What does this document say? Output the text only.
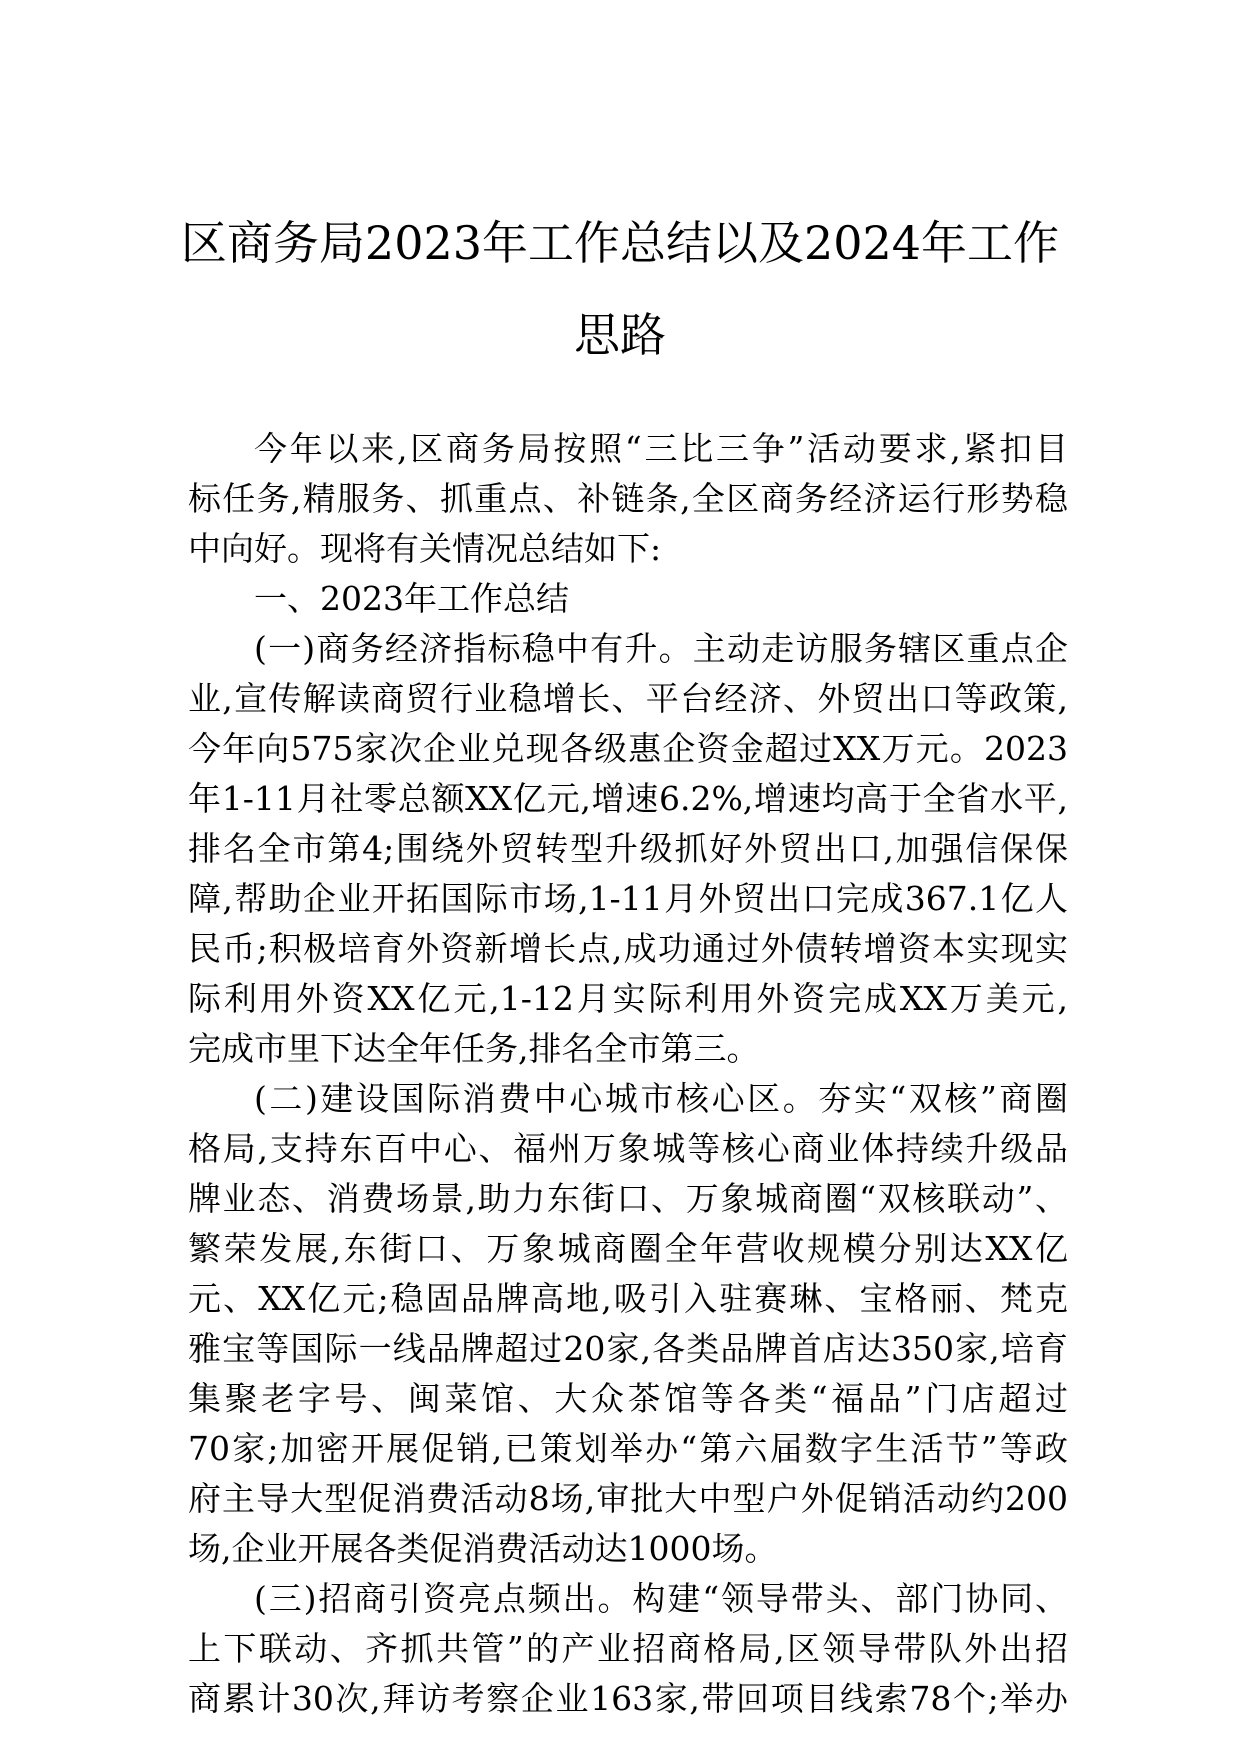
区商务局2023年工作总结以及2024年工作
思路
今年以来,区商务局按照“三比三争”活动要求,紧扣目
标任务,精服务、抓重点、补链条,全区商务经济运行形势稳
中向好。现将有关情况总结如下:
一、2023年工作总结
(一)商务经济指标稳中有升。主动走访服务辖区重点企
业,宣传解读商贸行业稳增长、平台经济、外贸出口等政策,
今年向575家次企业兑现各级惠企资金超过XX万元。2023
年1-11月社零总额XX亿元,增速6.2%,增速均高于全省水平,
排名全市第4;围绕外贸转型升级抓好外贸出口,加强信保保
障,帮助企业开拓国际市场,1-11月外贸出口完成367.1亿人
民币;积极培育外资新增长点,成功通过外债转增资本实现实
际利用外资XX亿元,1-12月实际利用外资完成XX万美元,
完成市里下达全年任务,排名全市第三。
(二)建设国际消费中心城市核心区。夯实“双核”商圈
格局,支持东百中心、福州万象城等核心商业体持续升级品
牌业态、消费场景,助力东街口、万象城商圈“双核联动”、
繁荣发展,东街口、万象城商圈全年营收规模分别达XX亿
元、XX亿元;稳固品牌高地,吸引入驻赛琳、宝格丽、梵克
雅宝等国际一线品牌超过20家,各类品牌首店达350家,培育
集聚老字号、闽菜馆、大众茶馆等各类“福品”门店超过
70家;加密开展促销,已策划举办“第六届数字生活节”等政
府主导大型促消费活动8场,审批大中型户外促销活动约200
场,企业开展各类促消费活动达1000场。
(三)招商引资亮点频出。构建“领导带头、部门协同、
上下联动、齐抓共管”的产业招商格局,区领导带队外出招
商累计30次,拜访考察企业163家,带回项目线索78个;举办
